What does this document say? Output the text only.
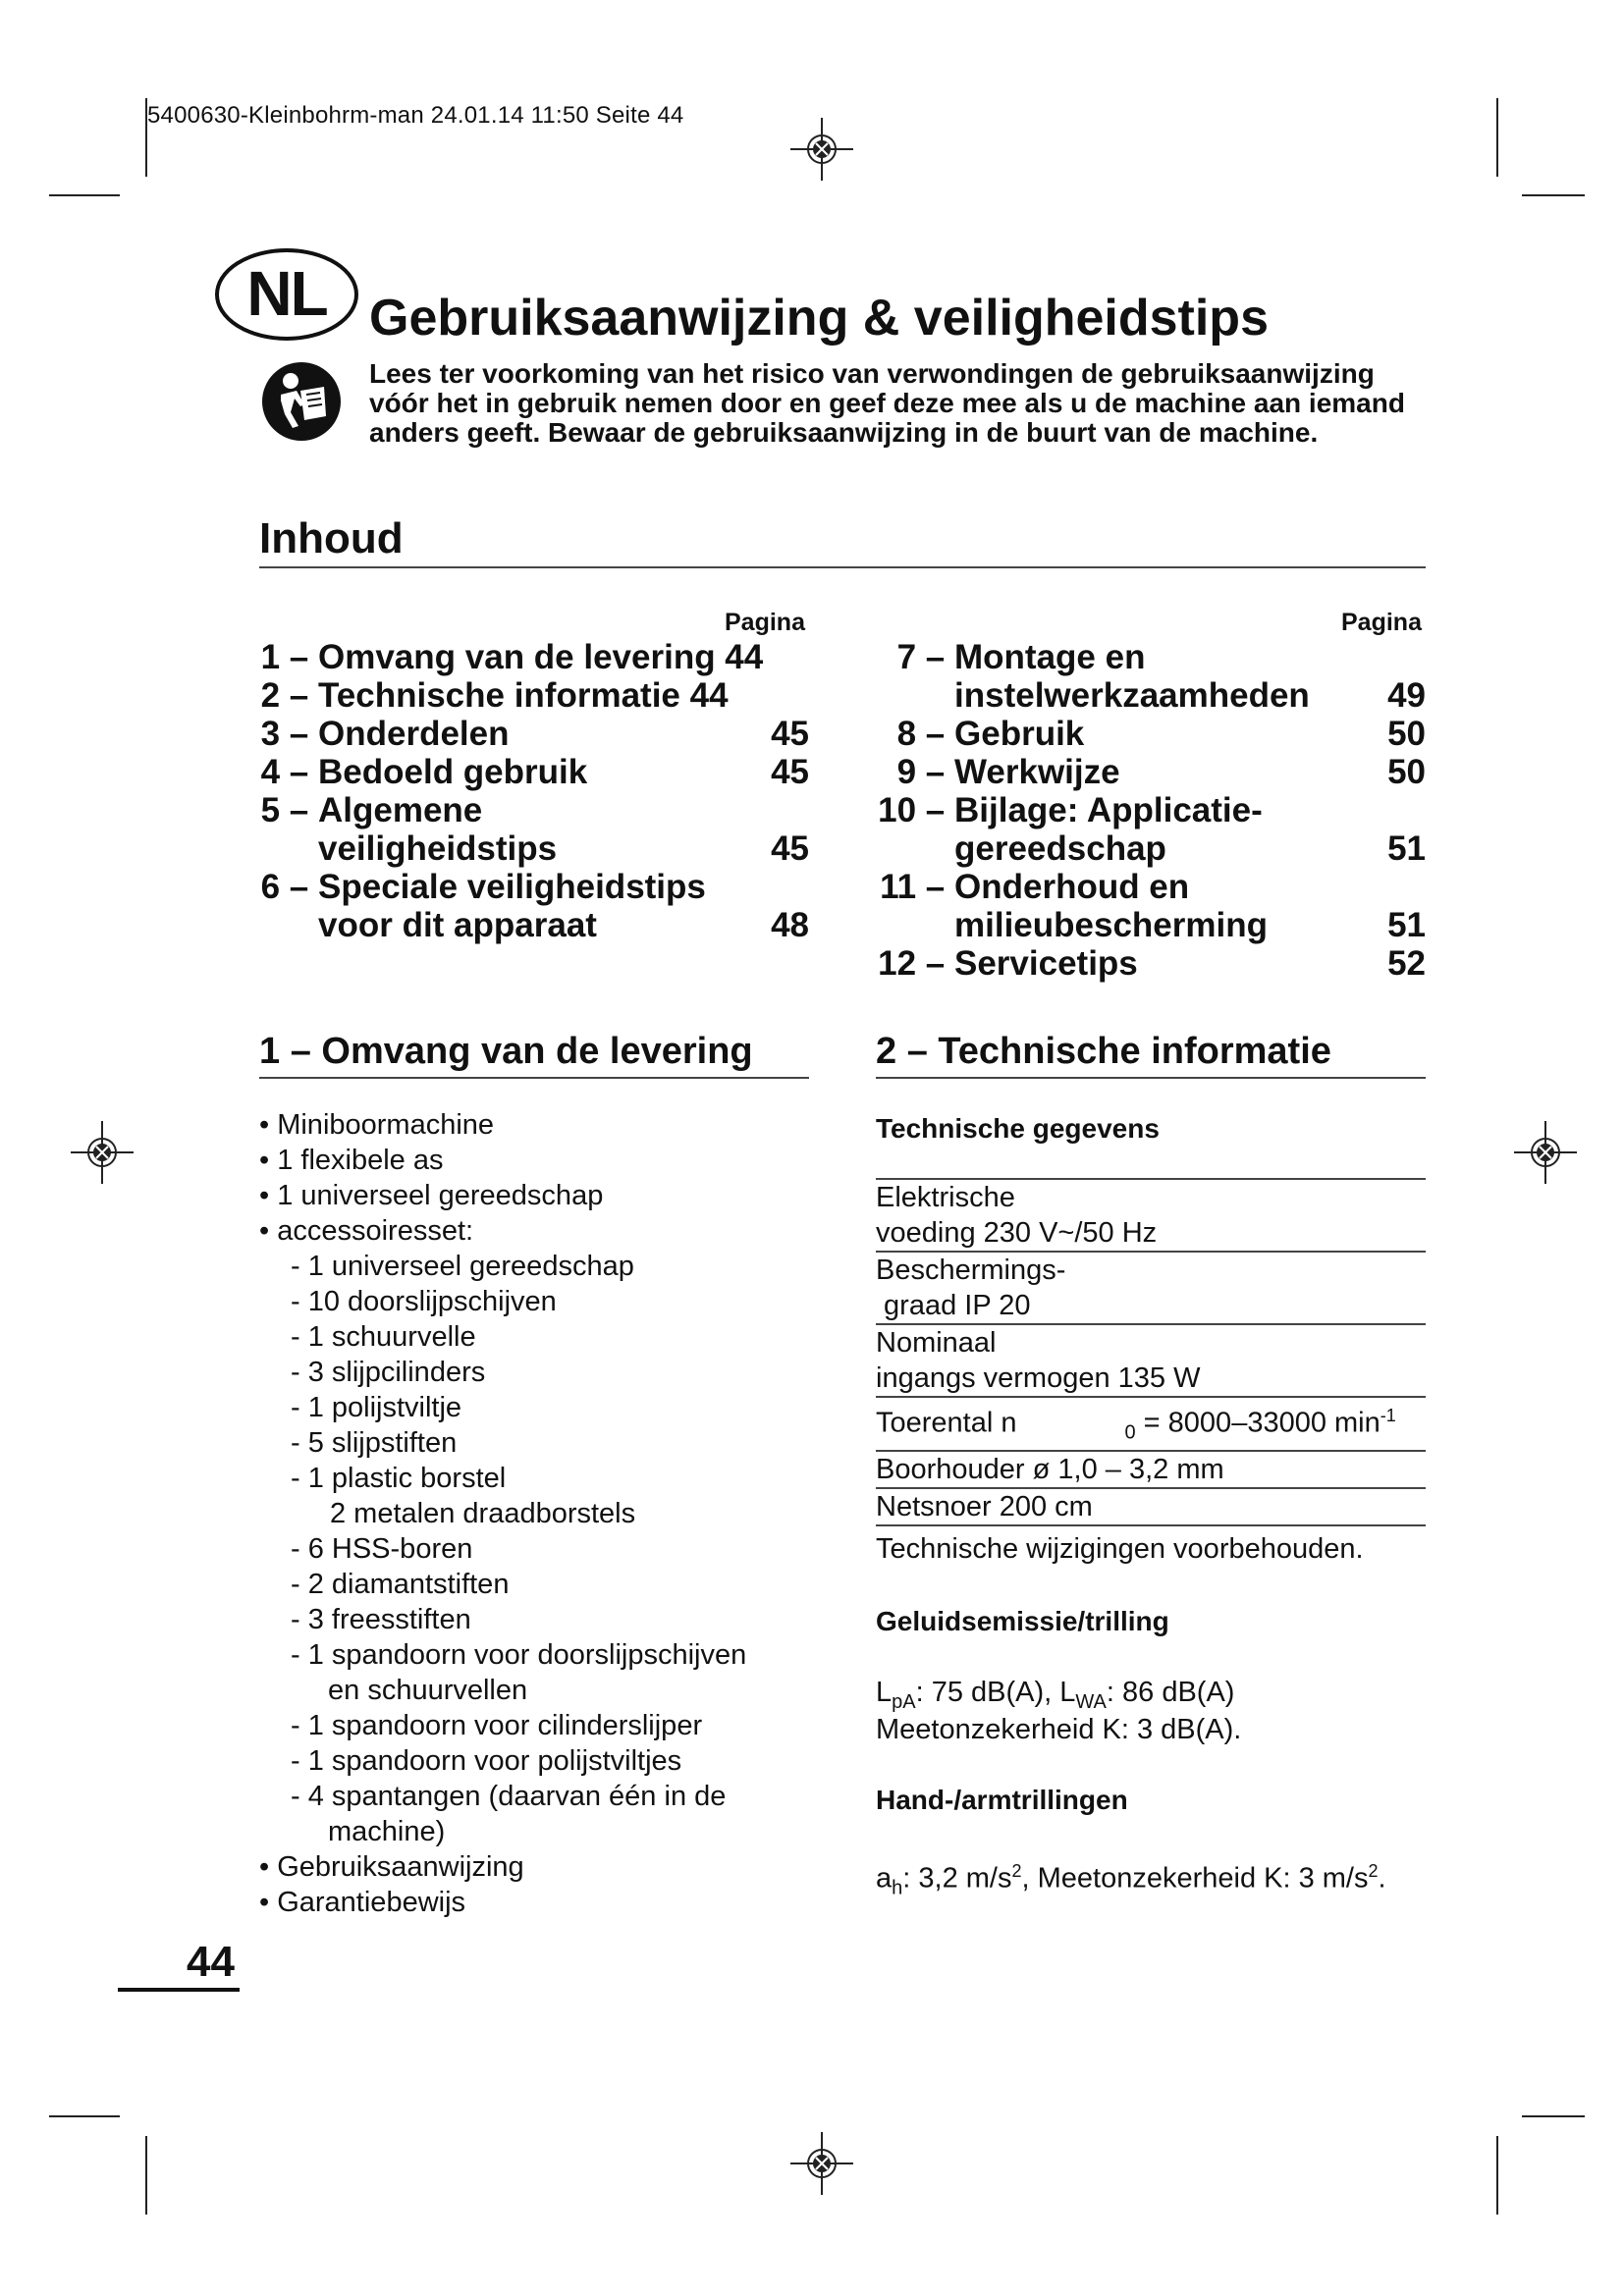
5400630-Kleinbohrm-man 24.01.14 11:50 Seite 44
NL Gebruiksaanwijzing & veiligheidstips
Lees ter voorkoming van het risico van verwondingen de gebruiksaanwijzing vóór het in gebruik nemen door en geef deze mee als u de machine aan iemand anders geeft. Bewaar de gebruiksaanwijzing in de buurt van de machine.
Inhoud
Pagina
1 – Omvang van de levering 44
2 – Technische informatie 44
3 – Onderdelen	45
4 – Bedoeld gebruik	45
5 – Algemene
veiligheidstips	45
6 – Speciale veiligheidstips
voor dit apparaat	48
Pagina
7 – Montage en
instelwerkzaamheden	49
8 – Gebruik	50
9 – Werkwijze	50
10 – Bijlage: Applicatie-
gereedschap	51
11 – Onderhoud en
milieubescherming	51
12 – Servicetips	52
1 – Omvang van de levering
• Miniboormachine
• 1 flexibele as
• 1 universeel gereedschap
• accessoiresset:
- 1 universeel gereedschap
- 10 doorslijpschijven
- 1 schuurvelle
- 3 slijpcilinders
- 1 polijstviltje
- 5 slijpstiften
- 1 plastic borstel
2 metalen draadborstels
- 6 HSS-boren
- 2 diamantstiften
- 3 freesstiften
- 1 spandoorn voor doorslijpschijven
en schuurvellen
- 1 spandoorn voor cilinderslijper
- 1 spandoorn voor polijstviltjes
- 4 spantangen (daarvan één in de
machine)
• Gebruiksaanwijzing
• Garantiebewijs
2 – Technische informatie
Technische gegevens
Elektrische
voeding 230 V~/50 Hz
Beschermings-
graad IP 20
Nominaal
ingangs vermogen 135 W
Toerental n	$_0$ = 8000–33000 $\min^{-1}$
Boorhouder ø 1,0 – 3,2 mm
Netsnoer 200 cm
Technische wijzigingen voorbehouden.
Geluidsemissie/trilling
$L_{pA}$: 75 dB(A), $L_{WA}$: 86 dB(A)
Meetonzekerheid K: 3 dB(A).
Hand-/armtrillingen
$a_h$: 3,2 $m/s^2$, Meetonzekerheid K: 3 $m/s^2$.
44
